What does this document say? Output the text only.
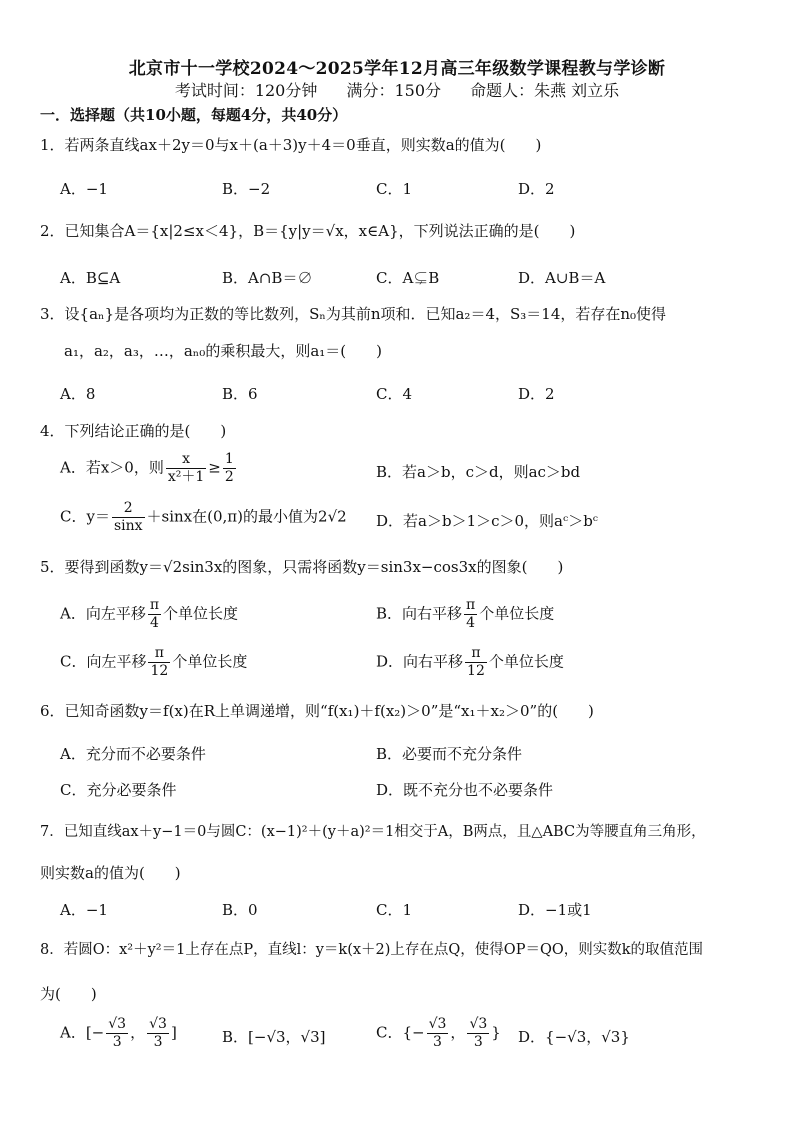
北京市十一学校2024～2025学年12月高三年级数学课程教与学诊断
考试时间：120分钟 满分：150分 命题人：朱燕 刘立乐
一．选择题（共10小题，每题4分，共40分）
1．若两条直线ax＋2y＝0与x＋(a＋3)y＋4＝0垂直，则实数a的值为(　　)
A．−1	B．−2	C．1	D．2
2．已知集合A＝{x|2≤x＜4}，B＝{y|y＝√x，x∈A}，下列说法正确的是(　　)
A．B⊆A	B．A∩B＝∅	C．A⊊B	D．A∪B＝A
3．设{aₙ}是各项均为正数的等比数列，Sₙ为其前n项和．已知a₂＝4，S₃＝14，若存在n₀使得
a₁，a₂，a₃，…，aₙ₀的乘积最大，则a₁＝(　　)
A．8	B．6	C．4	D．2
4．下列结论正确的是(　　)
A．若x＞0，则 $\frac{x}{\text{x²＋1}} \ge \frac{1}{2}$	B．若a＞b，c＞d，则ac＞bd
C．$y= \frac{2}{\sin x} +\sin x$在(0,π)的最小值为2√2 D．若a＞b＞1＞c＞0，则aᶜ＞bᶜ
5．要得到函数y＝√2sin3x的图象，只需将函数y＝sin3x−cos3x的图象(　　)
A．向左平移 $\frac{\pi}{4}$ 个单位长度	B．向右平移 $\frac{\pi}{4}$ 个单位长度
C．向左平移 $\frac{\pi}{12}$ 个单位长度	D．向右平移 $\frac{\pi}{12}$ 个单位长度
6．已知奇函数y＝f(x)在R上单调递增，则“f(x₁)＋f(x₂)＞0”是“x₁＋x₂＞0”的(　　)
A．充分而不必要条件	B．必要而不充分条件
C．充分必要条件	D．既不充分也不必要条件
7．已知直线ax＋y−1＝0与圆C：(x−1)²＋(y＋a)²＝1相交于A，B两点，且△ABC为等腰直角三角形，
则实数a的值为(　　)
A．−1	B．0	C．1	D．−1或1
8．若圆O：x²＋y²＝1上存在点P，直线l：y＝k(x＋2)上存在点Q，使得OP＝QO，则实数k的取值范围
为(　　)
A．[− $\frac{√3}{3}$ ， $\frac{√3}{3}$ ]	B．[−√3，√3]	C．{− $\frac{√3}{3}$ ， $\frac{√3}{3}$ } D．{−√3，√3}
